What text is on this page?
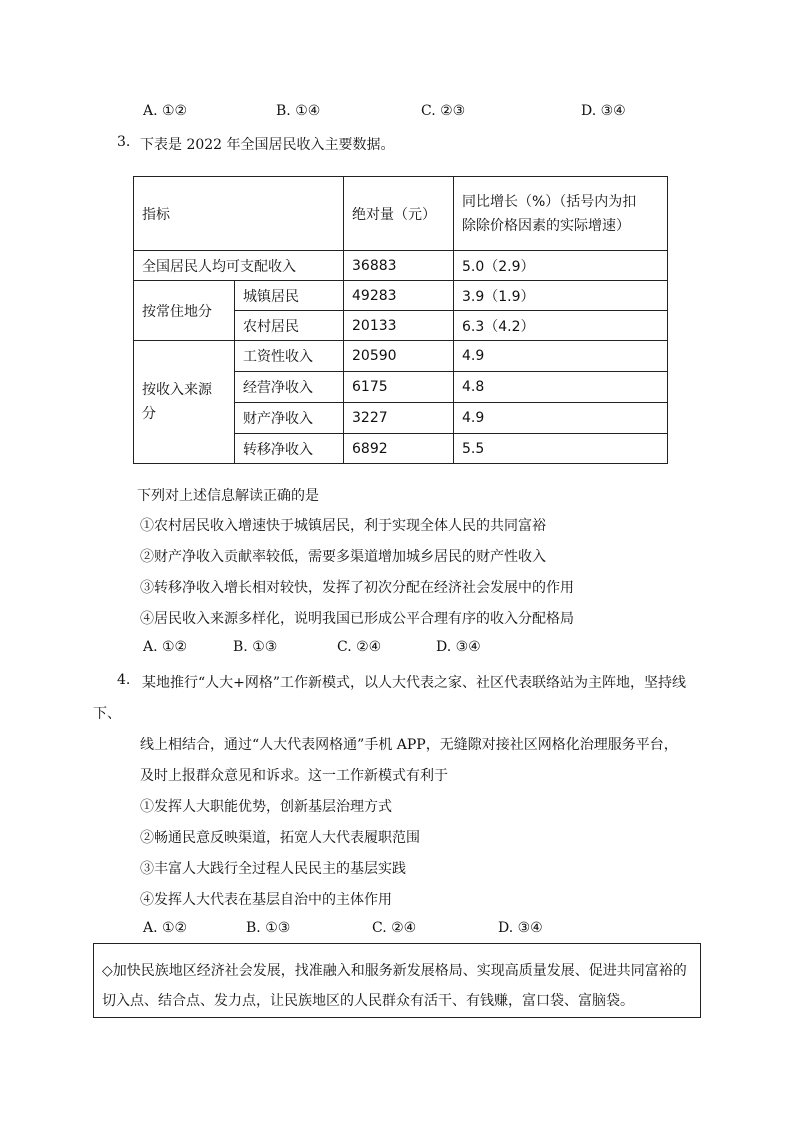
A. ①②	B. ①④	C. ②③	D. ③④
3. 下表是 2022 年全国居民收入主要数据。
指标		绝对量（元）	同比增长（%）（括号内为扣
除除价格因素的实际增速）

全国居民人均可支配收入		36883	5.0（2.9）
按常住地分	城镇居民	49283	3.9（1.9）
	农村居民	20133	6.3（4.2）

按收入来源
分	工资性收入	20590	4.9
	经营净收入	6175	4.8
	财产净收入	3227	4.9
	转移净收入	6892	5.5
下列对上述信息解读正确的是
①农村居民收入增速快于城镇居民，利于实现全体人民的共同富裕
②财产净收入贡献率较低，需要多渠道增加城乡居民的财产性收入
③转移净收入增长相对较快，发挥了初次分配在经济社会发展中的作用
④居民收入来源多样化，说明我国已形成公平合理有序的收入分配格局
A. ①②	B. ①③	C. ②④	D. ③④
4. 某地推行“人大+网格”工作新模式，以人大代表之家、社区代表联络站为主阵地，坚持线
下、
线上相结合，通过“人大代表网格通”手机 APP，无缝隙对接社区网格化治理服务平台，
及时上报群众意见和诉求。这一工作新模式有利于
①发挥人大职能优势，创新基层治理方式
②畅通民意反映渠道，拓宽人大代表履职范围
③丰富人大践行全过程人民民主的基层实践
④发挥人大代表在基层自治中的主体作用
A. ①②	B. ①③	C. ②④	D. ③④
◇加快民族地区经济社会发展，找准融入和服务新发展格局、实现高质量发展、促进共同富裕的
切入点、结合点、发力点，让民族地区的人民群众有活干、有钱赚，富口袋、富脑袋。
